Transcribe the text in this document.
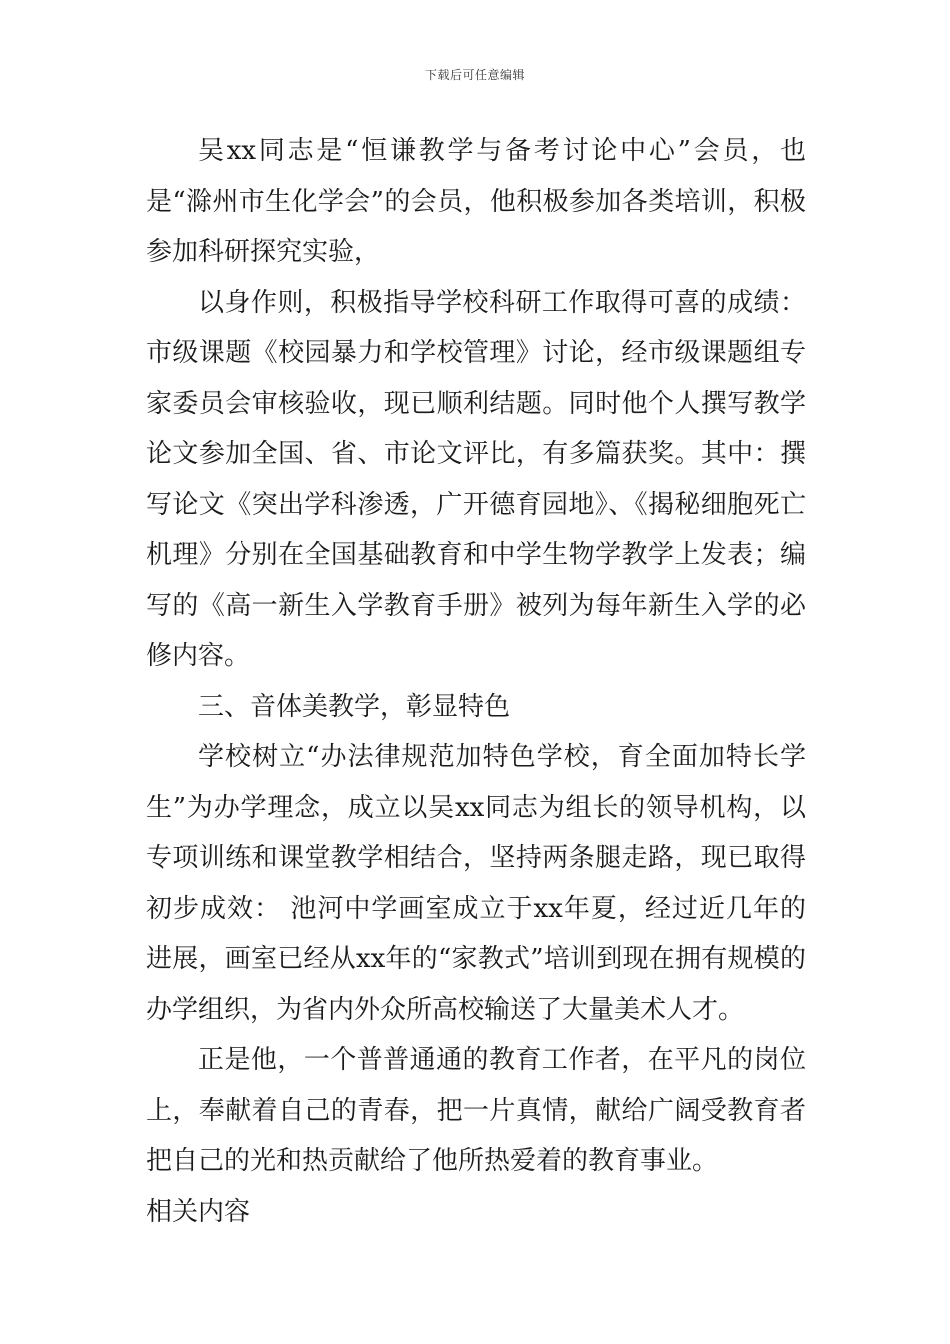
下载后可任意编辑

吴xx同志是“恒谦教学与备考讨论中心”会员，也是“滁州市生化学会”的会员，他积极参加各类培训，积极参加科研探究实验，

以身作则，积极指导学校科研工作取得可喜的成绩：市级课题《校园暴力和学校管理》讨论，经市级课题组专家委员会审核验收，现已顺利结题。同时他个人撰写教学论文参加全国、省、市论文评比，有多篇获奖。其中：撰写论文《突出学科渗透，广开德育园地》、《揭秘细胞死亡机理》分别在全国基础教育和中学生物学教学上发表；编写的《高一新生入学教育手册》被列为每年新生入学的必修内容。

三、音体美教学，彰显特色

学校树立“办法律规范加特色学校，育全面加特长学生”为办学理念，成立以吴xx同志为组长的领导机构，以专项训练和课堂教学相结合，坚持两条腿走路，现已取得初步成效： 池河中学画室成立于xx年夏，经过近几年的进展，画室已经从xx年的“家教式”培训到现在拥有规模的办学组织，为省内外众所高校输送了大量美术人才。

正是他，一个普普通通的教育工作者，在平凡的岗位上，奉献着自己的青春，把一片真情，献给广阔受教育者把自己的光和热贡献给了他所热爱着的教育事业。

相关内容
